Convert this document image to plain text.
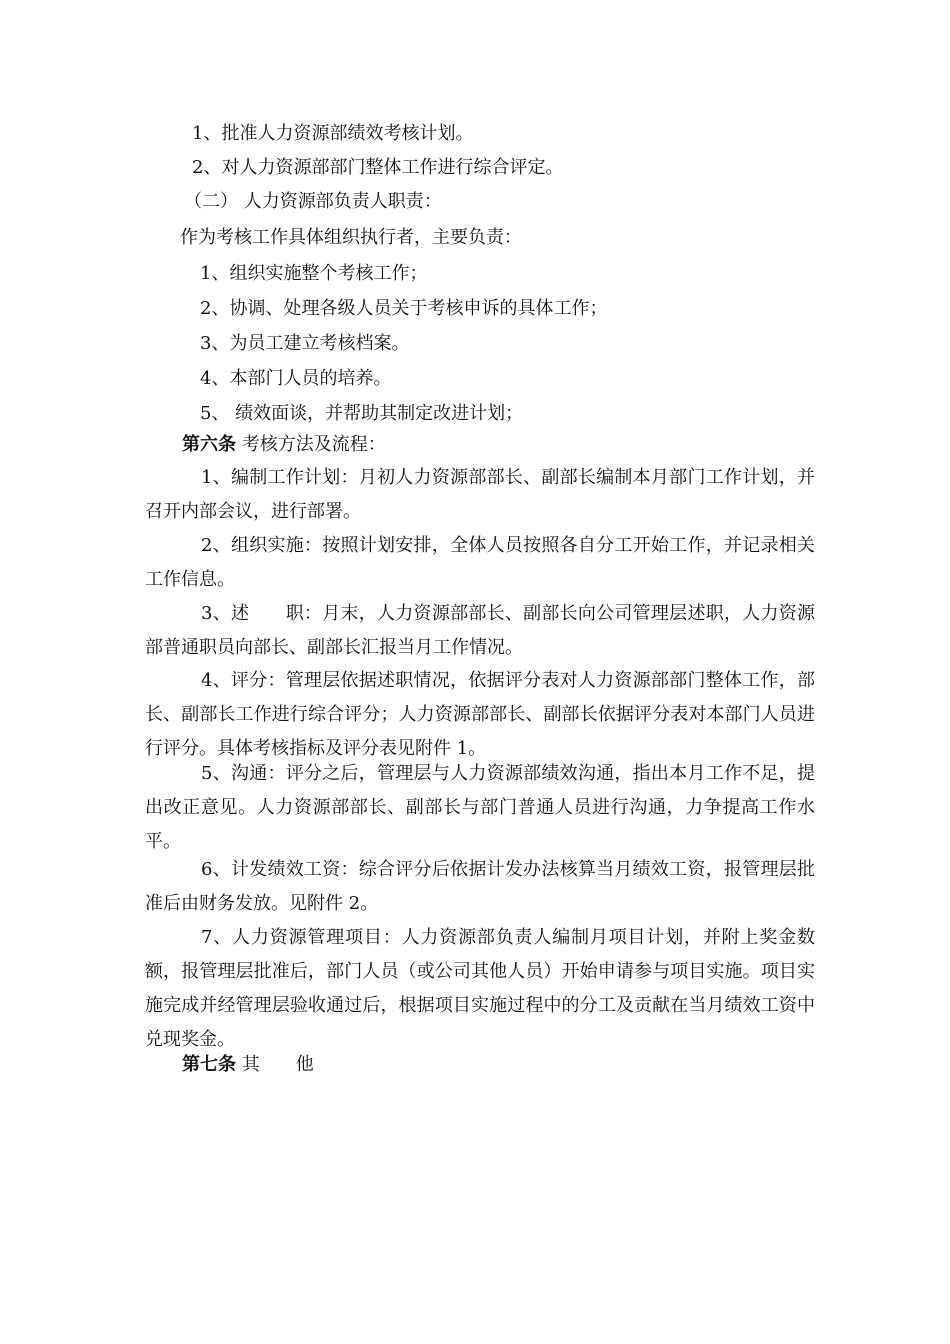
1、批准人力资源部绩效考核计划。
2、对人力资源部部门整体工作进行综合评定。
（二） 人力资源部负责人职责：
作为考核工作具体组织执行者，主要负责：
1、组织实施整个考核工作；
2、协调、处理各级人员关于考核申诉的具体工作；
3、为员工建立考核档案。
4、本部门人员的培养。
5、 绩效面谈，并帮助其制定改进计划；
第六条 考核方法及流程：
1、编制工作计划：月初人力资源部部长、副部长编制本月部门工作计划，并召开内部会议，进行部署。
2、组织实施：按照计划安排，全体人员按照各自分工开始工作，并记录相关工作信息。
3、述　　职：月末，人力资源部部长、副部长向公司管理层述职，人力资源部普通职员向部长、副部长汇报当月工作情况。
4、评分：管理层依据述职情况，依据评分表对人力资源部部门整体工作，部长、副部长工作进行综合评分；人力资源部部长、副部长依据评分表对本部门人员进行评分。具体考核指标及评分表见附件 1。
5、沟通：评分之后，管理层与人力资源部绩效沟通，指出本月工作不足，提出改正意见。人力资源部部长、副部长与部门普通人员进行沟通，力争提高工作水平。
6、计发绩效工资：综合评分后依据计发办法核算当月绩效工资，报管理层批准后由财务发放。见附件 2。
7、人力资源管理项目：人力资源部负责人编制月项目计划，并附上奖金数额，报管理层批准后，部门人员（或公司其他人员）开始申请参与项目实施。项目实施完成并经管理层验收通过后，根据项目实施过程中的分工及贡献在当月绩效工资中兑现奖金。
第七条 其　　他
